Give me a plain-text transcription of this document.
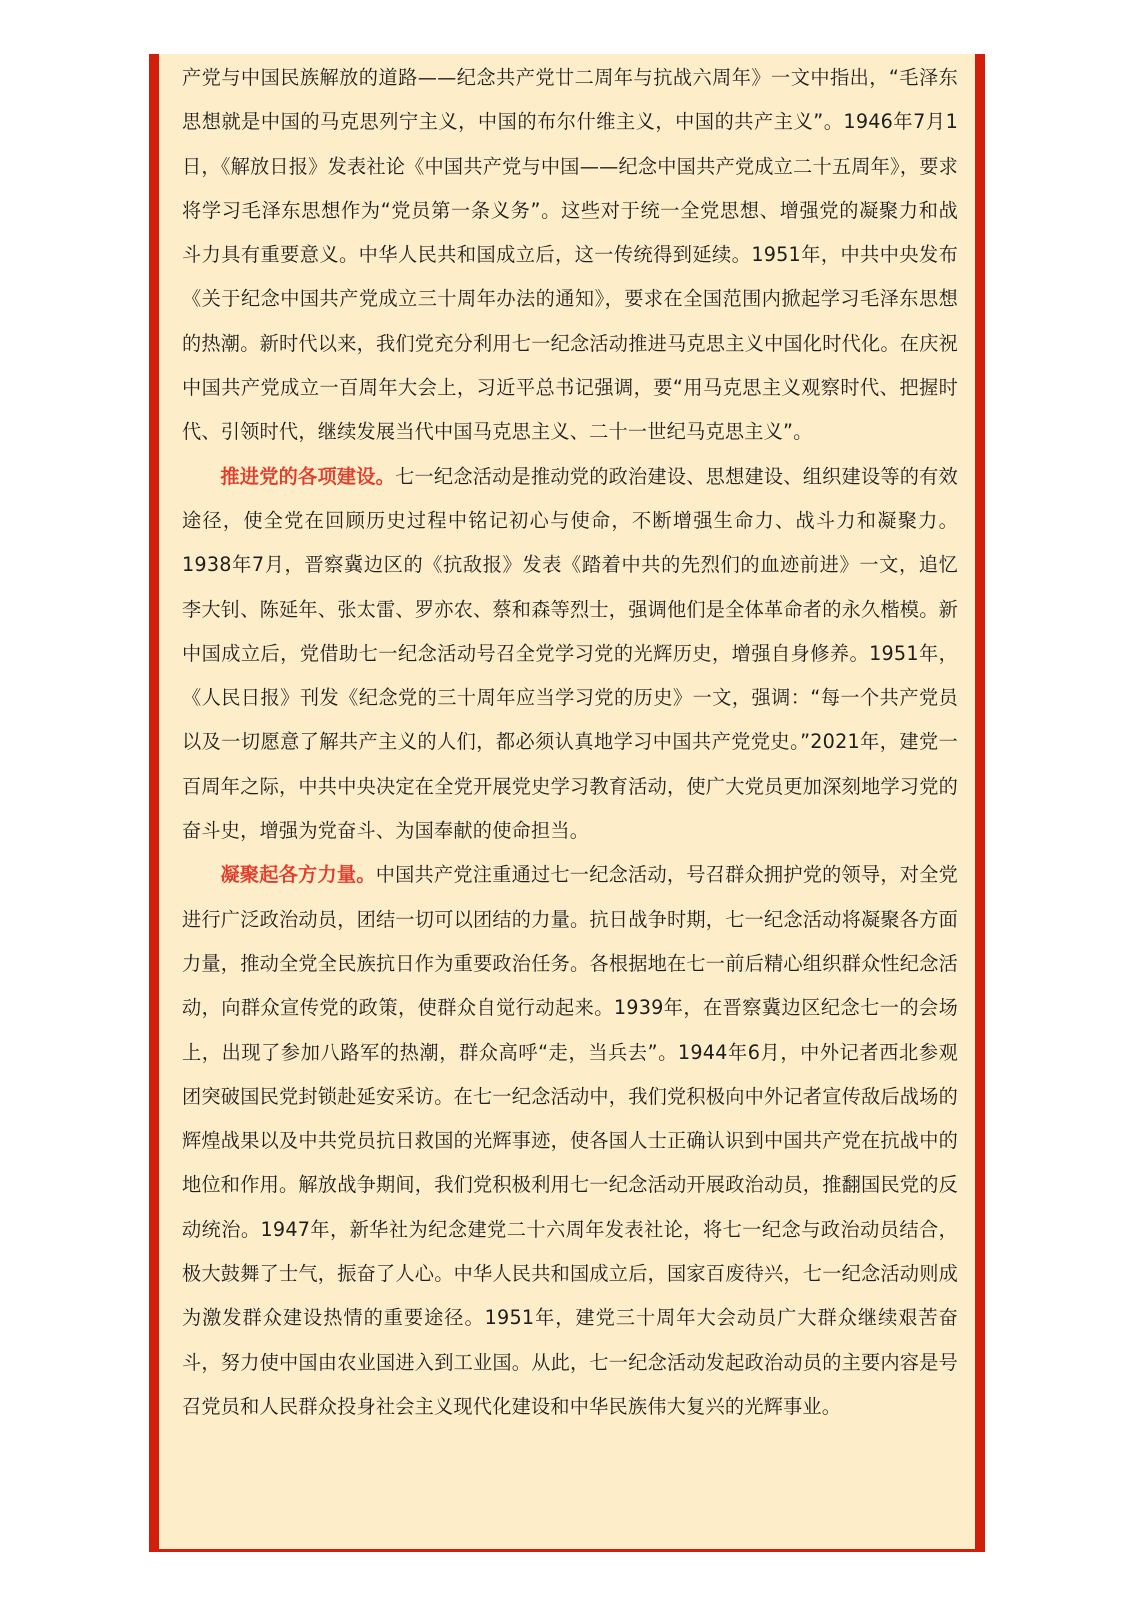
产党与中国民族解放的道路——纪念共产党廿二周年与抗战六周年》一文中指出，“毛泽东思想就是中国的马克思列宁主义，中国的布尔什维主义，中国的共产主义”。1946年7月1日，《解放日报》发表社论《中国共产党与中国——纪念中国共产党成立二十五周年》，要求将学习毛泽东思想作为“党员第一条义务”。这些对于统一全党思想、增强党的凝聚力和战斗力具有重要意义。中华人民共和国成立后，这一传统得到延续。1951年，中共中央发布《关于纪念中国共产党成立三十周年办法的通知》，要求在全国范围内掀起学习毛泽东思想的热潮。新时代以来，我们党充分利用七一纪念活动推进马克思主义中国化时代化。在庆祝中国共产党成立一百周年大会上，习近平总书记强调，要“用马克思主义观察时代、把握时代、引领时代，继续发展当代中国马克思主义、二十一世纪马克思主义”。

推进党的各项建设。七一纪念活动是推动党的政治建设、思想建设、组织建设等的有效途径，使全党在回顾历史过程中铭记初心与使命，不断增强生命力、战斗力和凝聚力。1938年7月，晋察冀边区的《抗敌报》发表《踏着中共的先烈们的血迹前进》一文，追忆李大钊、陈延年、张太雷、罗亦农、蔡和森等烈士，强调他们是全体革命者的永久楷模。新中国成立后，党借助七一纪念活动号召全党学习党的光辉历史，增强自身修养。1951年，《人民日报》刊发《纪念党的三十周年应当学习党的历史》一文，强调：“每一个共产党员以及一切愿意了解共产主义的人们，都必须认真地学习中国共产党党史。”2021年，建党一百周年之际，中共中央决定在全党开展党史学习教育活动，使广大党员更加深刻地学习党的奋斗史，增强为党奋斗、为国奉献的使命担当。

凝聚起各方力量。中国共产党注重通过七一纪念活动，号召群众拥护党的领导，对全党进行广泛政治动员，团结一切可以团结的力量。抗日战争时期，七一纪念活动将凝聚各方面力量，推动全党全民族抗日作为重要政治任务。各根据地在七一前后精心组织群众性纪念活动，向群众宣传党的政策，使群众自觉行动起来。1939年，在晋察冀边区纪念七一的会场上，出现了参加八路军的热潮，群众高呼“走，当兵去”。1944年6月，中外记者西北参观团突破国民党封锁赴延安采访。在七一纪念活动中，我们党积极向中外记者宣传敌后战场的辉煌战果以及中共党员抗日救国的光辉事迹，使各国人士正确认识到中国共产党在抗战中的地位和作用。解放战争期间，我们党积极利用七一纪念活动开展政治动员，推翻国民党的反动统治。1947年，新华社为纪念建党二十六周年发表社论，将七一纪念与政治动员结合，极大鼓舞了士气，振奋了人心。中华人民共和国成立后，国家百废待兴，七一纪念活动则成为激发群众建设热情的重要途径。1951年，建党三十周年大会动员广大群众继续艰苦奋斗，努力使中国由农业国进入到工业国。从此，七一纪念活动发起政治动员的主要内容是号召党员和人民群众投身社会主义现代化建设和中华民族伟大复兴的光辉事业。
